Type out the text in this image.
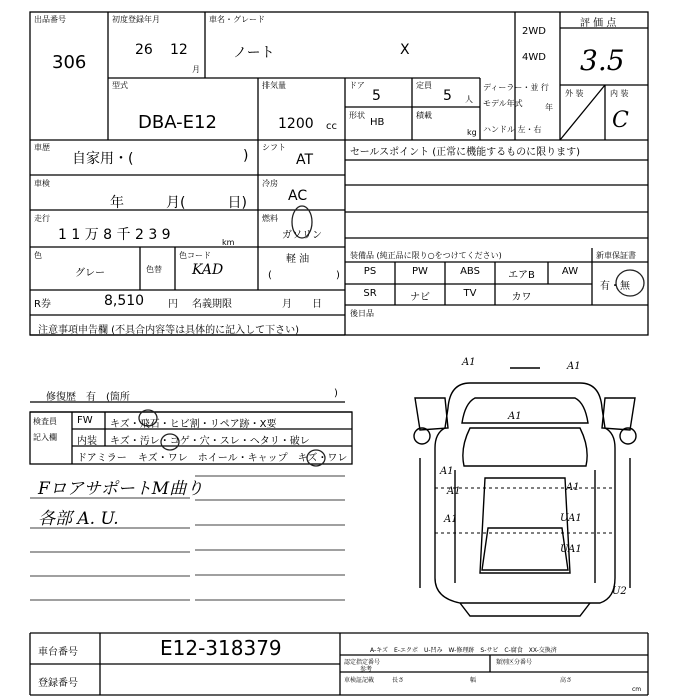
A1	A1
A1
A1	A1
A1
A1
UA1
UA1
U2
出品番号
306
初度登録年月
26 12
月
車名・グレード
ノート	X
2WD
4WD
評 価 点
3.5
外 装	内 装
C
型式
DBA-E12
排気量
1200 cc
ドア
5
定員
5 人
ディーラー・並 行
モデル年式	年
形状
HB
積載
kg ハンドル 左・右
車歴
自家用・(	)
シフト
AT	セールスポイント (正常に機能するものに限ります)
車検
年　　　月(　　　日)
冷房
AC
走行
1 1 万 8 千 2 3 9	km
燃料
ガソリン
軽 油
(	)
色
グレー	色替
色コード
KAD
R券	8,510 円 名義期限	月　　日
注意事項申告欄 (不具合内容等は具体的に記入して下さい)
修復歴　有　(箇所	)
装備品 (純正品に限り○をつけてください)	新車保証書
PS	PW	ABS	エアB	AW
SR	ナビ	TV	カワ
有・無
後日品
検査員
記入欄
FW キズ・飛石・ヒビ割・リペア跡・X要
内装 キズ・汚レ・コゲ・穴・スレ・ヘタリ・破レ
ドアミラー キズ・ワレ　ホイール・キャップ　キズ・ワレ
FロアサポートM曲り
各部 A. U.
車台番号	E12-318379
登録番号
A-キズ　E-エクボ　U-凹み　W-修理跡　S-サビ　C-腐食　XX-交換済
認定指定番号
参考
類別区分番号
車検証記載	長さ	幅	高さ
cm
